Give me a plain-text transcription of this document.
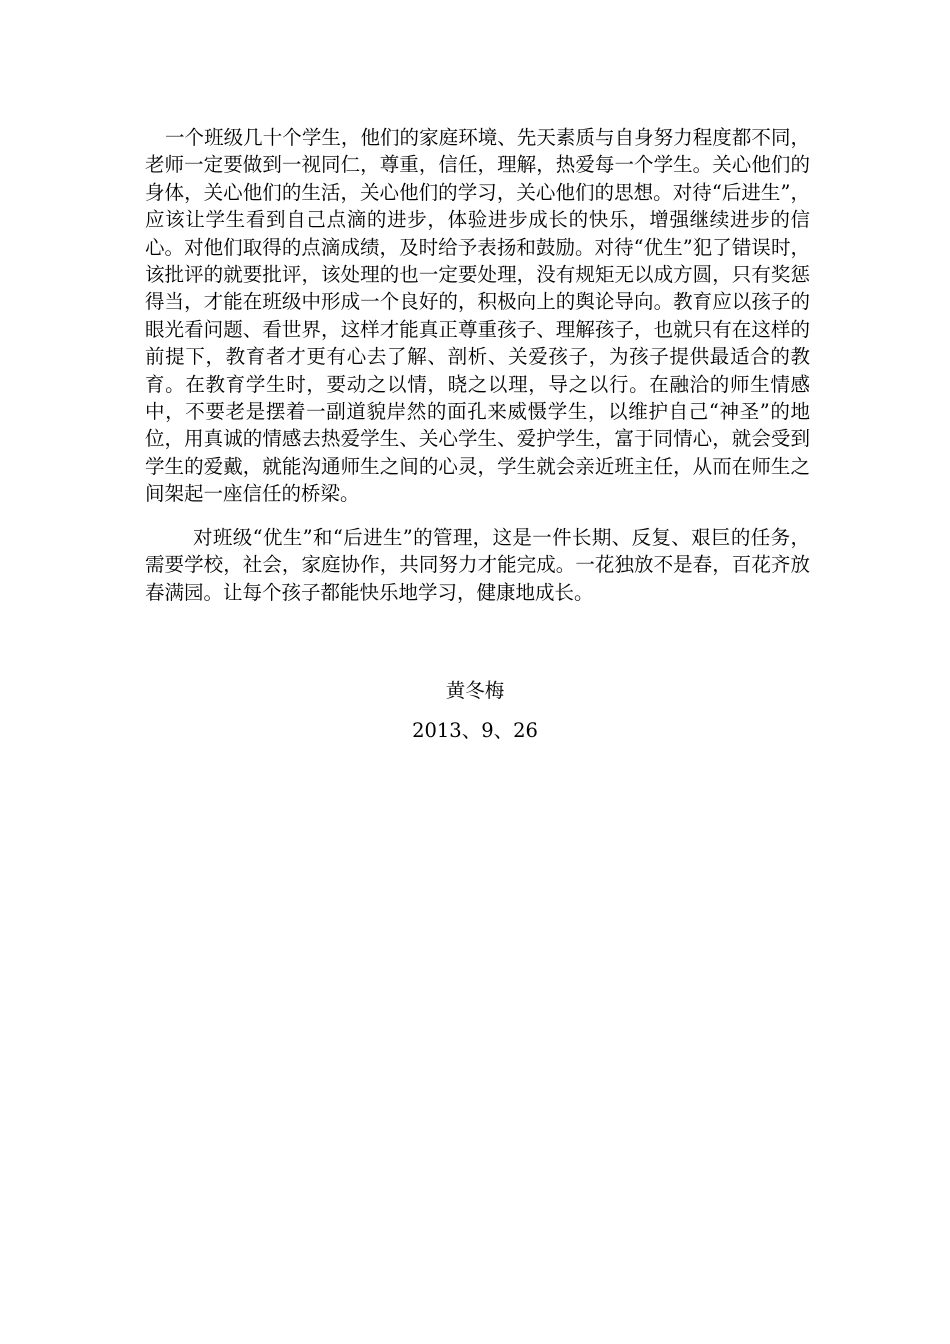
一个班级几十个学生，他们的家庭环境、先天素质与自身努力程度都不同，老师一定要做到一视同仁，尊重，信任，理解，热爱每一个学生。关心他们的身体，关心他们的生活，关心他们的学习，关心他们的思想。对待“后进生”，应该让学生看到自己点滴的进步，体验进步成长的快乐，增强继续进步的信心。对他们取得的点滴成绩，及时给予表扬和鼓励。对待“优生”犯了错误时，该批评的就要批评，该处理的也一定要处理，没有规矩无以成方圆，只有奖惩得当，才能在班级中形成一个良好的，积极向上的舆论导向。教育应以孩子的眼光看问题、看世界，这样才能真正尊重孩子、理解孩子，也就只有在这样的前提下，教育者才更有心去了解、剖析、关爱孩子，为孩子提供最适合的教育。在教育学生时，要动之以情，晓之以理，导之以行。在融洽的师生情感中，不要老是摆着一副道貌岸然的面孔来威慑学生，以维护自己“神圣”的地位，用真诚的情感去热爱学生、关心学生、爱护学生，富于同情心，就会受到学生的爱戴，就能沟通师生之间的心灵，学生就会亲近班主任，从而在师生之间架起一座信任的桥梁。

对班级“优生”和“后进生”的管理，这是一件长期、反复、艰巨的任务，需要学校，社会，家庭协作，共同努力才能完成。一花独放不是春，百花齐放春满园。让每个孩子都能快乐地学习，健康地成长。

黄冬梅
2013、9、26
